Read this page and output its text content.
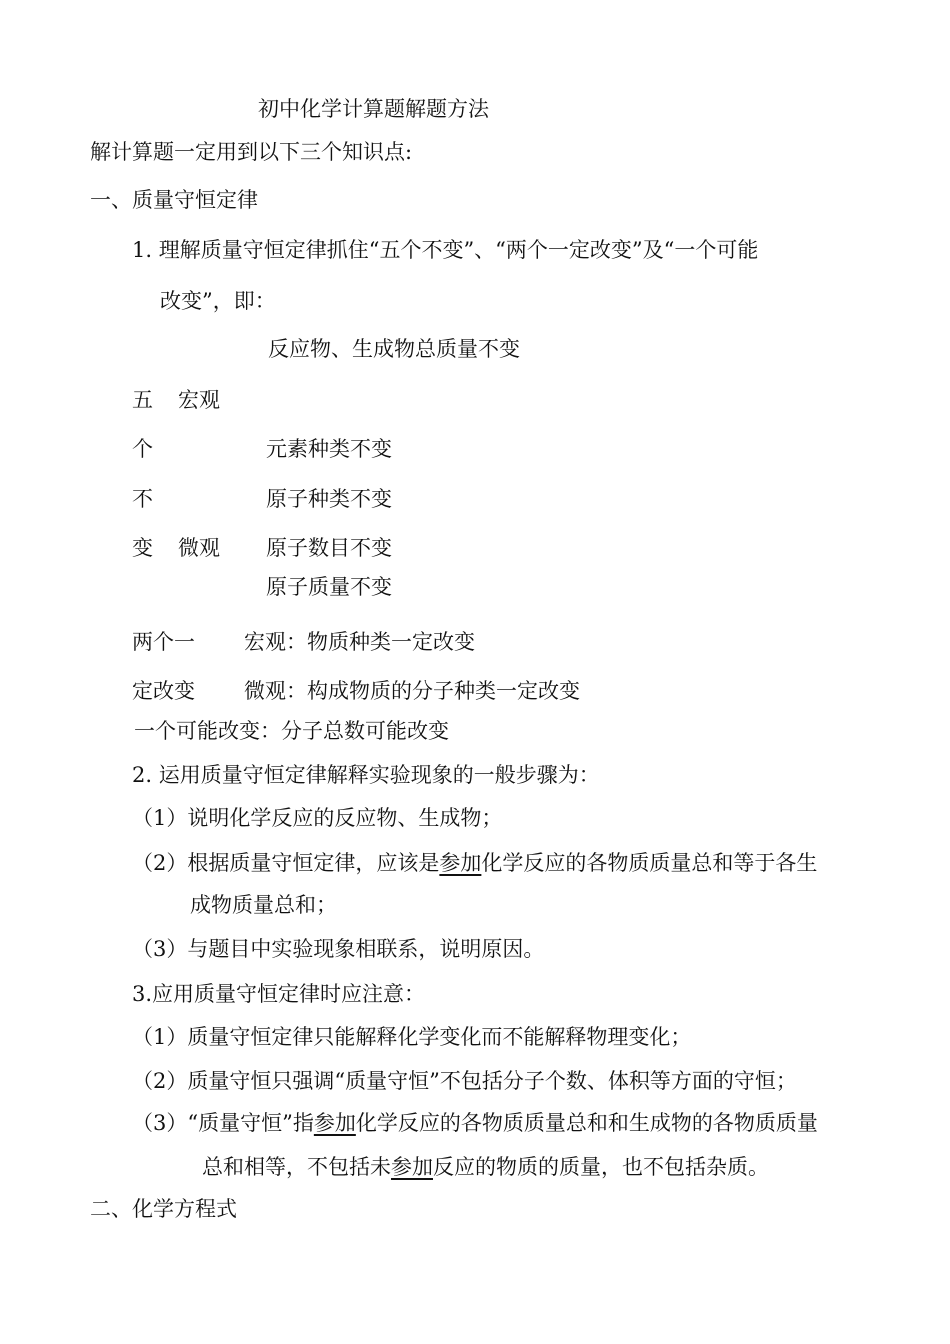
初中化学计算题解题方法
解计算题一定用到以下三个知识点:
一、质量守恒定律
1. 理解质量守恒定律抓住“五个不变”、“两个一定改变”及“一个可能
改变”，即：
反应物、生成物总质量不变
五 宏观
个	元素种类不变
不	原子种类不变
变 微观 原子数目不变
原子质量不变
两个一 宏观：物质种类一定改变
定改变 微观：构成物质的分子种类一定改变
一个可能改变：分子总数可能改变
2. 运用质量守恒定律解释实验现象的一般步骤为：
（1）说明化学反应的反应物、生成物；
（2）根据质量守恒定律，应该是参加化学反应的各物质质量总和等于各生
成物质量总和；
（3）与题目中实验现象相联系，说明原因。
3.应用质量守恒定律时应注意：
（1）质量守恒定律只能解释化学变化而不能解释物理变化；
（2）质量守恒只强调“质量守恒”不包括分子个数、体积等方面的守恒；
（3）“质量守恒”指参加化学反应的各物质质量总和和生成物的各物质质量
总和相等，不包括未参加反应的物质的质量，也不包括杂质。
二、化学方程式
